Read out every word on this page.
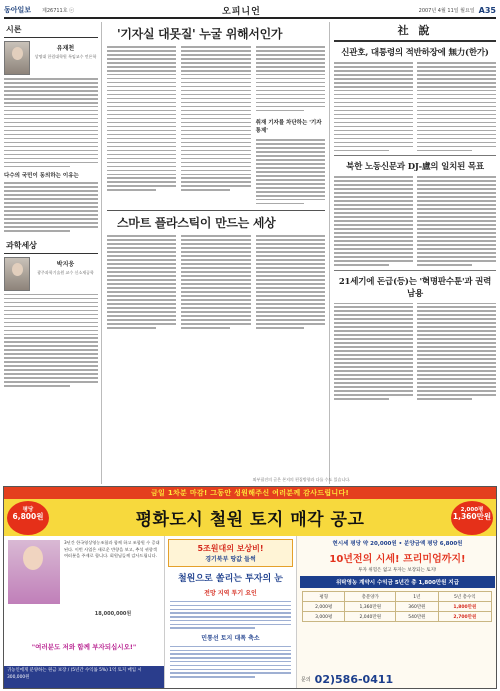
동아일보	제26711호 ⓒ	오피니언	2007년 4월 11일 월요일 A35
시론
유재천
상명대 한림대학원 특임교수 언론학
다수의 국민이 동의하는 이유는
과학세상
박지웅
광주과학기술원 교수 신소재공학
'기자실 대못질' 누굴 위해서인가
취재 기자를 차단하는 '기자 통제'
스마트 플라스틱이 만드는 세상
社 說
신관호, 대통령의 적반하장에 無力(한가)
북한 노동신문과 DJ-盧의 일치된 목표
21세기에 돈급(등)는 '혁명판수툰'과 권력 남용
외부필진의 글은 본지의 편집방향과 다를 수도 있습니다.
금일 1차분 마감! 그동안 성원해주신 여러분께 감사드립니다!
평당
6,800원	평화도시 철원 토지 매각 공고	2,000평
1,360만원
3년간 한국영상영농조합과 함께 하고 조합원 수 증대된다. 이번 사업은 새로운 반향을 보고, 추석 귀향객 여러분을 주제로 합니다. 회원님들께 감사드립니다.
18,000,000원
"여러분도 저와 함께 부자되십시오!"
귀농인에게 분양하는 원금 보장 / (5년간 수익률 5%) 1억 토지 매입 시 300,000원
5조원대의 보상비!
경기북부 땅값 들썩
철원으로 쏠리는 투자의 눈
전망 지역 투기 요인
민통선 토지 대폭 축소
현시세 평당 약 20,000원 • 분양금액 평당 6,800원
10년전의 시세! 프리미엄까지!
투자 위험은 없고 투자는 보장되는 토지!
위탁영농 계약시 수익금 5년간 총 1,800만원 지급
평형	총분양가	1년	5년 총수익
2,000평	1,360만원	360만원	1,800만원
3,000평	2,040만원	540만원	2,700만원
문의 02)586-0411
